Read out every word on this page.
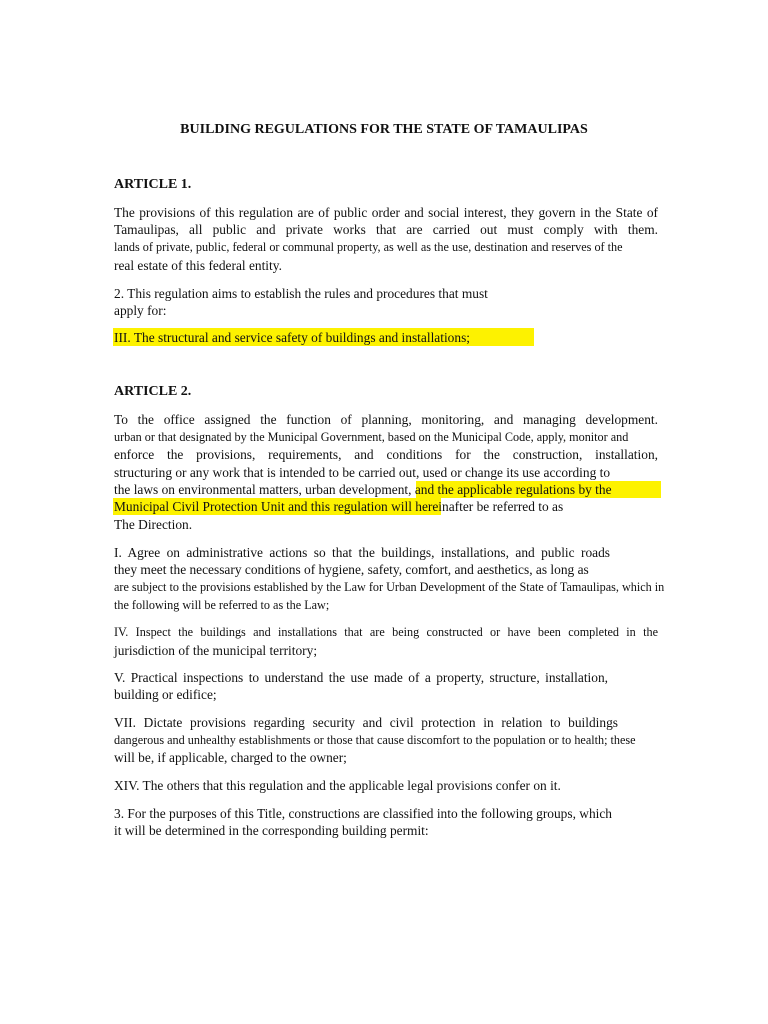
BUILDING REGULATIONS FOR THE STATE OF TAMAULIPAS
ARTICLE 1.
The provisions of this regulation are of public order and social interest, they govern in the State of
Tamaulipas, all public and private works that are carried out must comply with them.
lands of private, public, federal or communal property, as well as the use, destination and reserves of the
real estate of this federal entity.
2. This regulation aims to establish the rules and procedures that must
apply for:
III. The structural and service safety of buildings and installations;
ARTICLE 2.
To the office assigned the function of planning, monitoring, and managing development.
urban or that designated by the Municipal Government, based on the Municipal Code, apply, monitor and
enforce the provisions, requirements, and conditions for the construction, installation,
structuring or any work that is intended to be carried out, used or change its use according to
the laws on environmental matters, urban development, and the applicable regulations by the
Municipal Civil Protection Unit and this regulation will hereinafter be referred to as
The Direction.
I. Agree on administrative actions so that the buildings, installations, and public roads
they meet the necessary conditions of hygiene, safety, comfort, and aesthetics, as long as
are subject to the provisions established by the Law for Urban Development of the State of Tamaulipas, which in
the following will be referred to as the Law;
IV. Inspect the buildings and installations that are being constructed or have been completed in the
jurisdiction of the municipal territory;
V. Practical inspections to understand the use made of a property, structure, installation,
building or edifice;
VII. Dictate provisions regarding security and civil protection in relation to buildings
dangerous and unhealthy establishments or those that cause discomfort to the population or to health; these
will be, if applicable, charged to the owner;
XIV. The others that this regulation and the applicable legal provisions confer on it.
3. For the purposes of this Title, constructions are classified into the following groups, which
it will be determined in the corresponding building permit:
